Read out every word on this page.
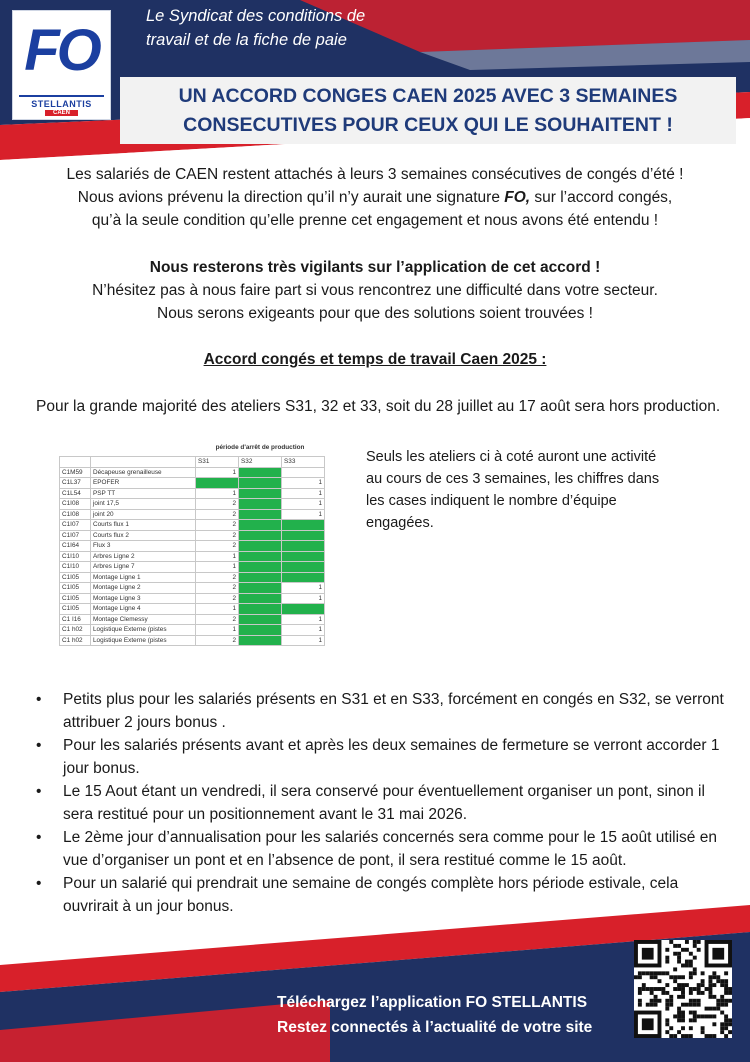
FO
STELLANTIS
CAEN
Le Syndicat des conditions de
travail et de la fiche de paie
UN ACCORD CONGES CAEN 2025 AVEC 3 SEMAINES
CONSECUTIVES POUR CEUX QUI LE SOUHAITENT !
Les salariés de CAEN restent attachés à leurs 3 semaines consécutives de congés d’été !
Nous avions prévenu la direction qu’il n’y aurait une signature FO, sur l’accord congés,
qu’à la seule condition qu’elle prenne cet engagement et nous avons été entendu !
Nous resterons très vigilants sur l’application de cet accord !
N’hésitez pas à nous faire part si vous rencontrez une difficulté dans votre secteur.
Nous serons exigeants pour que des solutions soient trouvées !
Accord congés et temps de travail Caen 2025 :
Pour la grande majorité des ateliers S31, 32 et 33, soit du 28 juillet au 17 août sera hors production.
		période d'arrêt de production		
		S31	S32	S33
C1M59	Décapeuse grenailleuse	1		
C1L37	EPOFER			1
C1L54	PSP TT	1		1
C1I08	joint 17,5	2		1
C1I08	joint 20	2		1
C1I07	Courts flux 1	2		
C1I07	Courts flux 2	2		
C1I64	Flux 3	2		
C1I10	Arbres Ligne 2	1		
C1I10	Arbres Ligne 7	1		
C1I05	Montage Ligne 1	2		
C1I05	Montage Ligne 2	2		1
C1I05	Montage Ligne 3	2		1
C1I05	Montage Ligne 4	1		
C1 I16	Montage Clemessy	2		1
C1 h02	Logistique Externe (pistes	1		1
C1 h02	Logistique Externe (pistes	2		1
Seuls les ateliers ci à coté auront une activité au cours de ces 3 semaines, les chiffres dans les cases indiquent le nombre d’équipe engagées.
• Petits plus pour les salariés présents en S31 et en S33, forcément en congés en S32, se verront attribuer 2 jours bonus .
• Pour les salariés présents avant et après les deux semaines de fermeture se verront accorder 1 jour bonus.
• Le 15 Aout étant un vendredi, il sera conservé pour éventuellement organiser un pont, sinon il sera restitué pour un positionnement avant le 31 mai 2026.
• Le 2ème jour d’annualisation pour les salariés concernés sera comme pour le 15 août utilisé en vue d’organiser un pont et en l’absence de pont, il sera restitué comme le 15 août.
• Pour un salarié qui prendrait une semaine de congés complète hors période estivale, cela ouvrirait à un jour bonus.
Téléchargez l’application FO STELLANTIS
Restez connectés à l’actualité de votre site
